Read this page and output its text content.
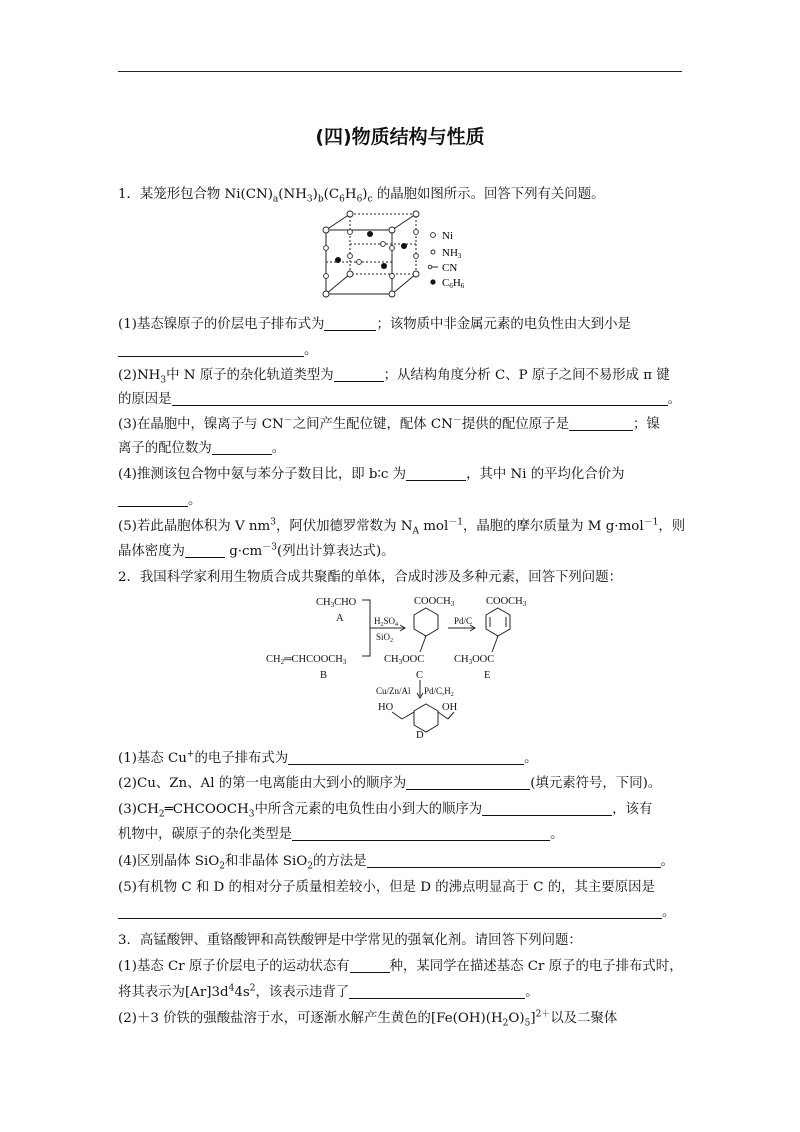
(四)物质结构与性质
1．某笼形包合物 $Ni(CN)_a(NH_3)_b(C_6H_6)_c$ 的晶胞如图所示。回答下列有关问题。
Ni
NH3
CN
C6H6
(1)基态镍原子的价层电子排布式为	；该物质中非金属元素的电负性由大到小是
。
$(2)NH_3$中 N 原子的杂化轨道类型为	；从结构角度分析 C、P 原子之间不易形成 π 键
的原因是	。
(3)在晶胞中，镍离子与 CN－之间产生配位键，配体 CN－提供的配位原子是	；镍
离子的配位数为	。
(4)推测该包合物中氨与苯分子数目比，即 b∶c 为	，其中 Ni 的平均化合价为
。
(5)若此晶胞体积为 V $nm^3$，阿伏加德罗常数为 $N_A$ mol$^{-1}$，晶胞的摩尔质量为 M g·mol$^{-1}$，则
晶体密度为	$g\cdot cm^{-3}$(列出计算表达式)。
2．我国科学家利用生物质合成共聚酯的单体，合成时涉及多种元素，回答下列问题：
CH3CHO
A
CH2═CHCOOCH3
B
$H_2SO_4$
SiO$_2$
COOCH3
CH3OOC
C
Pd/C
COOCH3
CH3OOC
E
Cu/Zn/Al $Pd/C,H_2$
HO	OH
D
(1)基态 Cu+的电子排布式为	。
(2)Cu、Zn、Al 的第一电离能由大到小的顺序为	(填元素符号，下同)。
$(3)CH_2═CHCOOCH_3$中所含元素的电负性由小到大的顺序为	，该有
机物中，碳原子的杂化类型是	。
(4)区别晶体 SiO$_2$和非晶体 SiO$_2$的方法是	。
(5)有机物 C 和 D 的相对分子质量相差较小，但是 D 的沸点明显高于 C 的，其主要原因是
。
3．高锰酸钾、重铬酸钾和高铁酸钾是中学常见的强氧化剂。请回答下列问题：
(1)基态 Cr 原子价层电子的运动状态有	种，某同学在描述基态 Cr 原子的电子排布式时，
将其表示为$[Ar]3d^44s^2$，该表示违背了	。
(2)＋3 价铁的强酸盐溶于水，可逐渐水解产生黄色的$[Fe(OH)(H_2O)_5]^{2+}$以及二聚体
